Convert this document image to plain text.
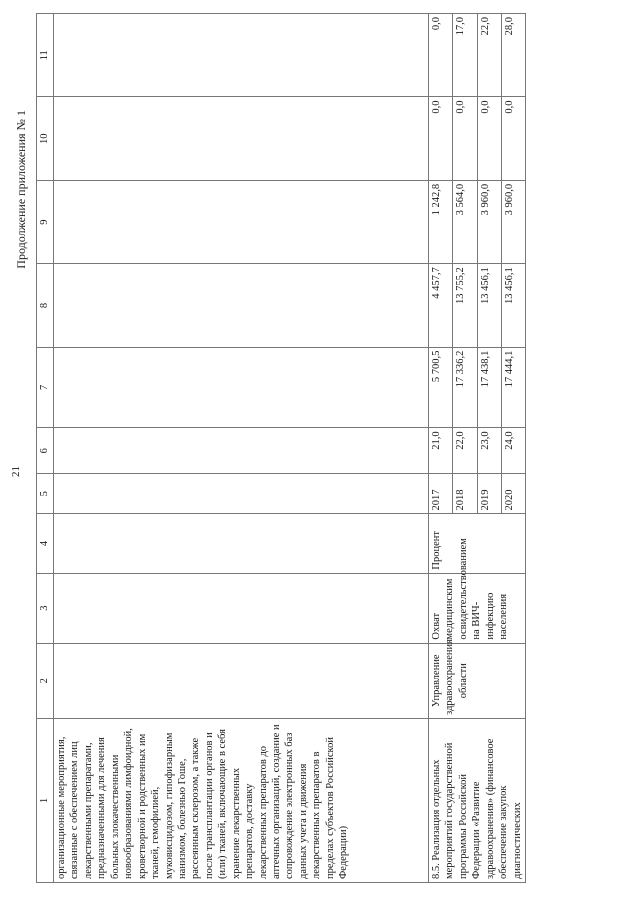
21
Продолжение приложения № 1
1	2	3	4	5	6	7	8	9	10	11
организационные мероприятия, связанные с обеспечением лиц лекарственными препаратами, предназначенными для лечения больных злокачественными новообразованиями лимфоидной, кроветворной и родственных им тканей, гемофилией, муковисцидозом, гипофизарным нанизмом, болезнью Гоше, рассеянным склерозом, а также после трансплантации органов и (или) тканей, включающие в себя хранение лекарственных препаратов, доставку лекарственных препаратов до аптечных организаций, создание и сопровождение электронных баз данных учета и движения лекарственных препаратов в пределах субъектов Российской Федерации)										
8.5. Реализация отдельных мероприятий государственной программы Российской Федерации «Развитие здравоохранения» (финансовое обеспечение закупок диагностических	Управление здравоохранения области	Охват медицинским освидетельствованием на ВИЧ-инфекцию населения	Процент	2017	21,0	5 700,5	4 457,7	1 242,8	0,0	0,0
				2018	22,0	17 336,2	13 755,2	3 564,0	0,0	17,0
				2019	23,0	17 438,1	13 456,1	3 960,0	0,0	22,0
				2020	24,0	17 444,1	13 456,1	3 960,0	0,0	28,0
